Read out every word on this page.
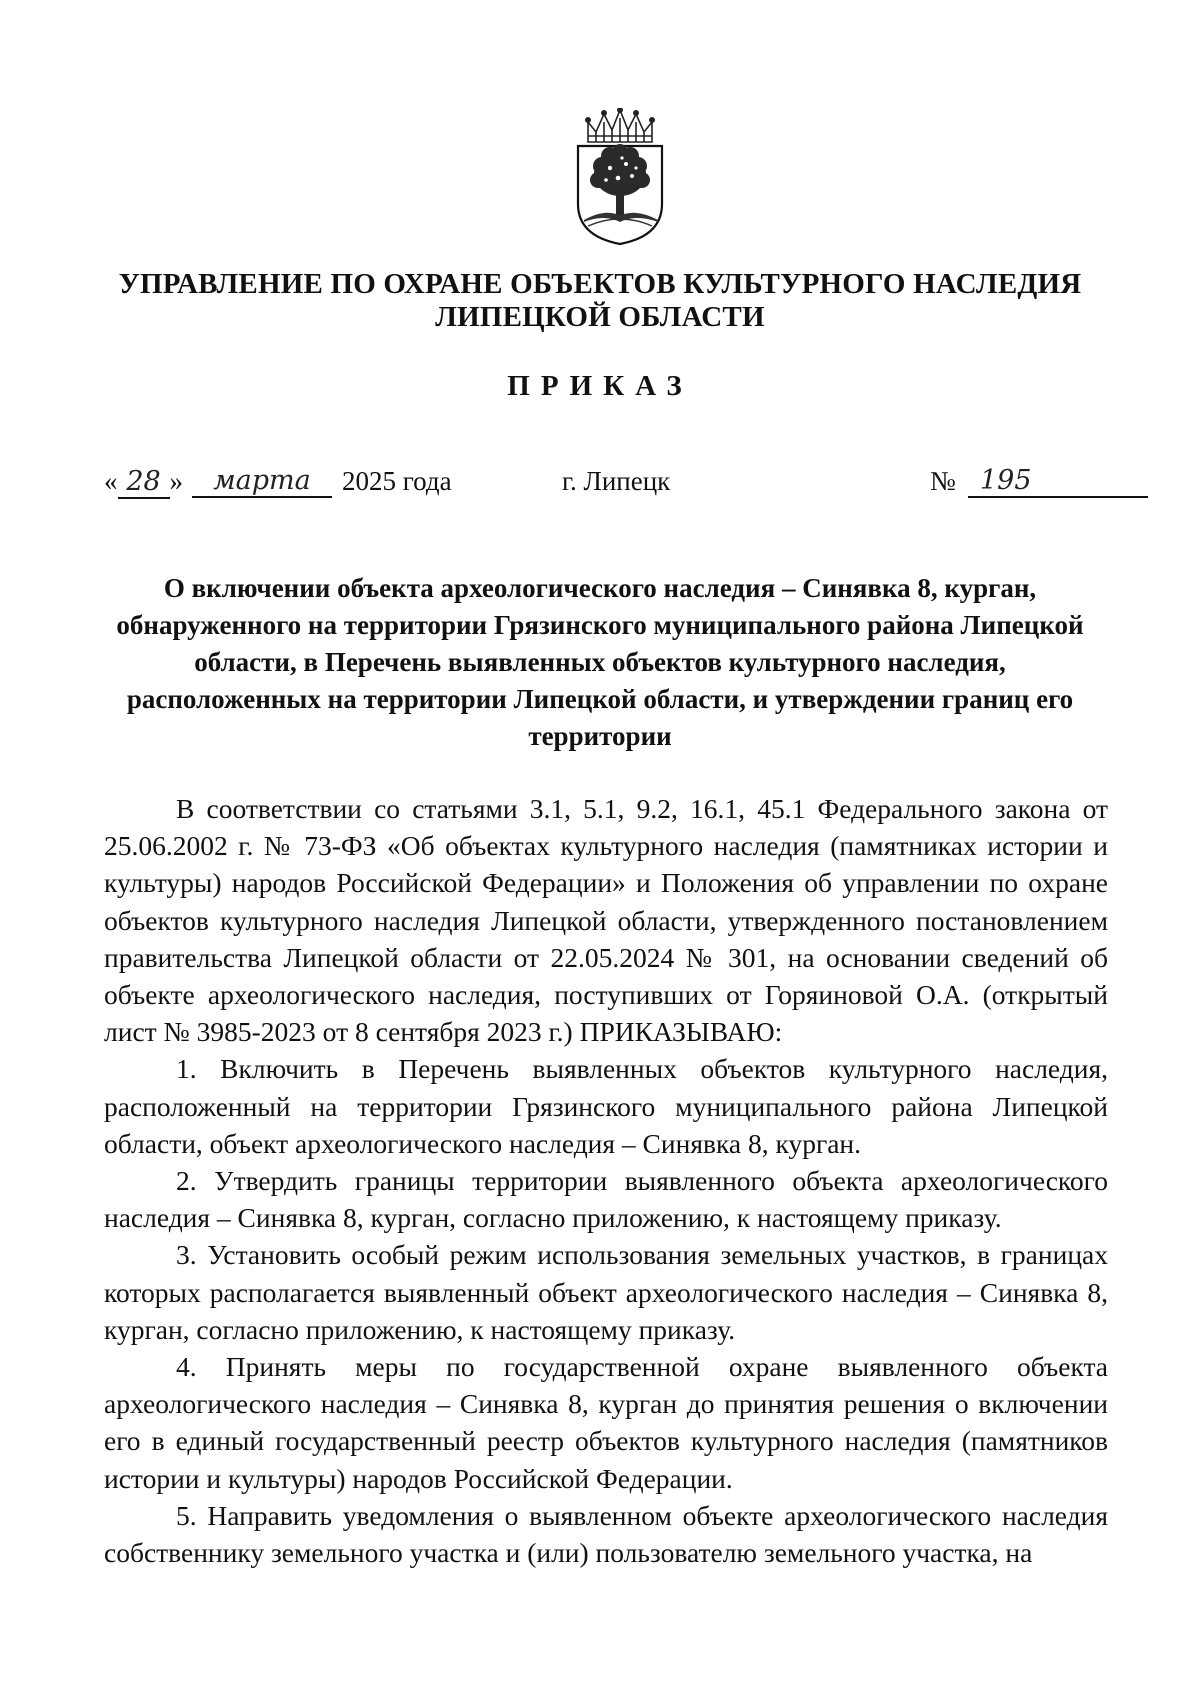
УПРАВЛЕНИЕ ПО ОХРАНЕ ОБЪЕКТОВ КУЛЬТУРНОГО НАСЛЕДИЯ
ЛИПЕЦКОЙ ОБЛАСТИ
ПРИКАЗ
« 28 »	марта	2025 года	г. Липецк	№ 195
О включении объекта археологического наследия – Синявка 8, курган,
обнаруженного на территории Грязинского муниципального района Липецкой
области, в Перечень выявленных объектов культурного наследия,
расположенных на территории Липецкой области, и утверждении границ его
территории

В соответствии со статьями 3.1, 5.1, 9.2, 16.1, 45.1 Федерального закона от 25.06.2002 г. № 73-ФЗ «Об объектах культурного наследия (памятниках истории и культуры) народов Российской Федерации» и Положения об управлении по охране объектов культурного наследия Липецкой области, утвержденного постановлением правительства Липецкой области от 22.05.2024 № 301, на основании сведений об объекте археологического наследия, поступивших от Горяиновой О.А. (открытый лист № 3985-2023 от 8 сентября 2023 г.) ПРИКАЗЫВАЮ:

1. Включить в Перечень выявленных объектов культурного наследия, расположенный на территории Грязинского муниципального района Липецкой области, объект археологического наследия – Синявка 8, курган.

2. Утвердить границы территории выявленного объекта археологического наследия – Синявка 8, курган, согласно приложению, к настоящему приказу.

3. Установить особый режим использования земельных участков, в границах которых располагается выявленный объект археологического наследия – Синявка 8, курган, согласно приложению, к настоящему приказу.

4. Принять меры по государственной охране выявленного объекта археологического наследия – Синявка 8, курган до принятия решения о включении его в единый государственный реестр объектов культурного наследия (памятников истории и культуры) народов Российской Федерации.

5. Направить уведомления о выявленном объекте археологического наследия собственнику земельного участка и (или) пользователю земельного участка, на
